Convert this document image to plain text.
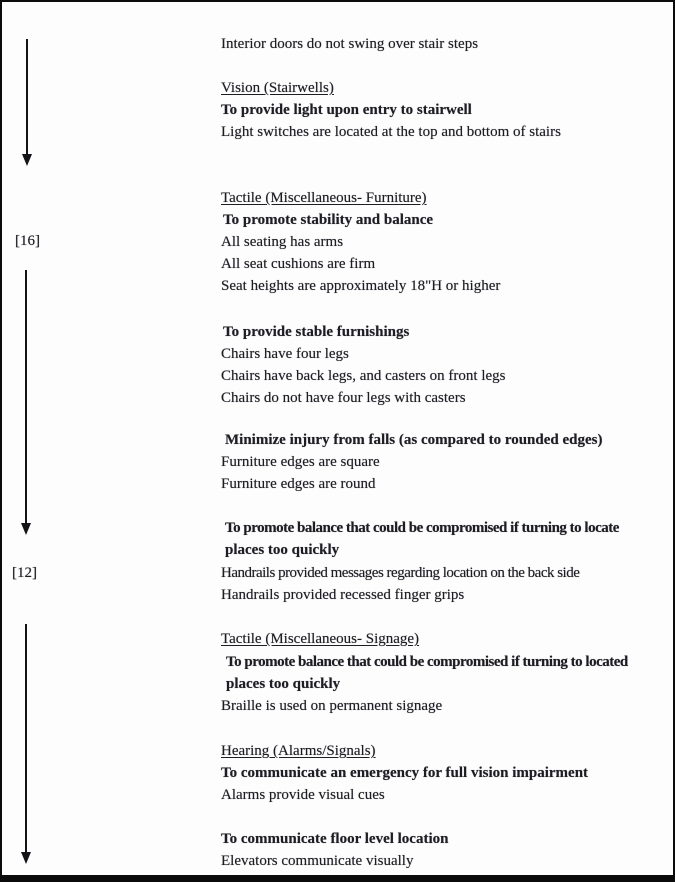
[16]
[12]
Interior doors do not swing over stair steps
Vision (Stairwells)
To provide light upon entry to stairwell
Light switches are located at the top and bottom of stairs
Tactile (Miscellaneous- Furniture)
To promote stability and balance
All seating has arms
All seat cushions are firm
Seat heights are approximately 18"H or higher
To provide stable furnishings
Chairs have four legs
Chairs have back legs, and casters on front legs
Chairs do not have four legs with casters
Minimize injury from falls (as compared to rounded edges)
Furniture edges are square
Furniture edges are round
To promote balance that could be compromised if turning to locate
places too quickly
Handrails provided messages regarding location on the back side
Handrails provided recessed finger grips
Tactile (Miscellaneous- Signage)
To promote balance that could be compromised if turning to located
places too quickly
Braille is used on permanent signage
Hearing (Alarms/Signals)
To communicate an emergency for full vision impairment
Alarms provide visual cues
To communicate floor level location
Elevators communicate visually
